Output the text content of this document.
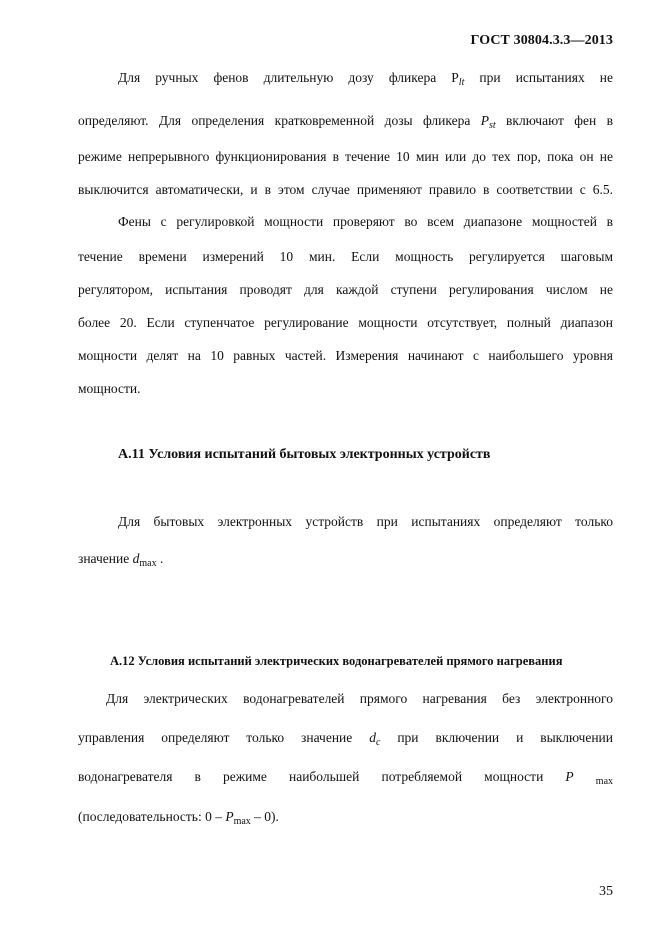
ГОСТ 30804.3.3—2013
Для ручных фенов длительную дозу фликера $P_{lt}$ при испытаниях не
определяют. Для определения кратковременной дозы фликера $P_{st}$ включают фен в
режиме непрерывного функционирования в течение 10 мин или до тех пор, пока он не
выключится автоматически, и в этом случае применяют правило в соответствии с 6.5.
Фены с регулировкой мощности проверяют во всем диапазоне мощностей в
течение времени измерений 10 мин. Если мощность регулируется шаговым
регулятором, испытания проводят для каждой ступени регулирования числом не
более 20. Если ступенчатое регулирование мощности отсутствует, полный диапазон
мощности делят на 10 равных частей. Измерения начинают с наибольшего уровня
мощности.
А.11 Условия испытаний бытовых электронных устройств
Для бытовых электронных устройств при испытаниях определяют только
значение $d_{max}$ .
А.12 Условия испытаний электрических водонагревателей прямого нагревания
Для электрических водонагревателей прямого нагревания без электронного
управления определяют только значение $d_c$ при включении и выключении
водонагревателя в режиме наибольшей потребляемой мощности P $_{max}$
(последовательность: $0 - P_{max} - 0$).
35
